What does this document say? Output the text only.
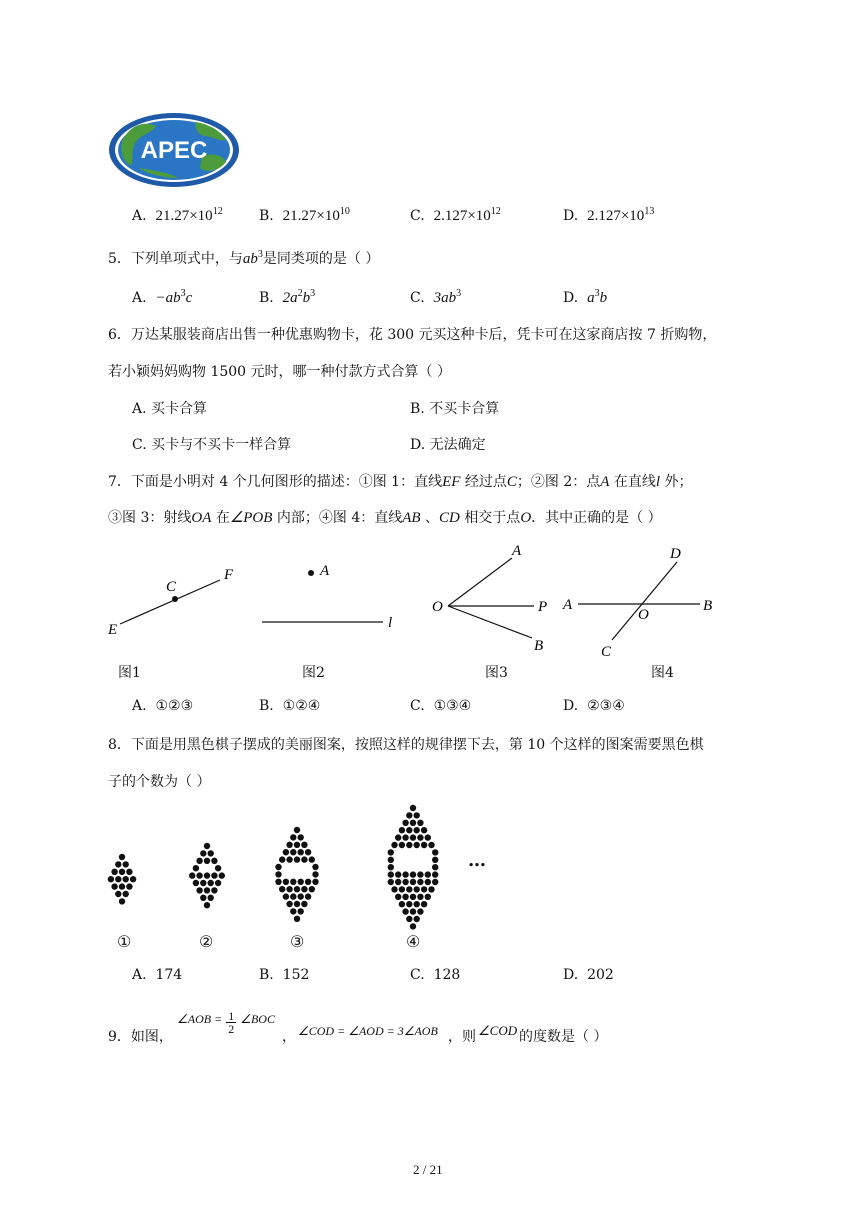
APEC
A. $21.27\times 10^{12}$	B. $21.27\times 10^{10}$	C. $2.127\times 10^{12}$	D. $2.127\times 10^{13}$
5．下列单项式中，与$ab^3$是同类项的是（ ）
A. $-ab^3c$	B. $2a^2b^3$	C. $3ab^3$	D. $a^3b$
6．万达某服装商店出售一种优惠购物卡，花 300 元买这种卡后，凭卡可在这家商店按 7 折购物，
若小颖妈妈购物 1500 元时，哪一种付款方式合算（ ）
A. 买卡合算	B. 不买卡合算
C. 买卡与不买卡一样合算	D. 无法确定
7．下面是小明对 4 个几何图形的描述：①图 1：直线EF 经过点C；②图 2：点A 在直线l 外；
③图 3：射线OA 在∠POB 内部；④图 4：直线AB 、CD 相交于点O．其中正确的是（ ）
C
F
E
A
l
A
O	P
B
D
A
O
B
C
图1	图2	图3	图4
A. ①②③	B. ①②④	C. ①③④	D. ②③④
8．下面是用黑色棋子摆成的美丽图案，按照这样的规律摆下去，第 10 个这样的图案需要黑色棋
子的个数为（ ）
…
①	②	③	④
A. 174	B. 152	C. 128	D. 202
9．如图，
∠AOB = $\frac{1}{2}$ ∠BOC
， ∠COD = ∠AOD = 3∠AOB ，则 ∠COD 的度数是（ ）
2 / 21
